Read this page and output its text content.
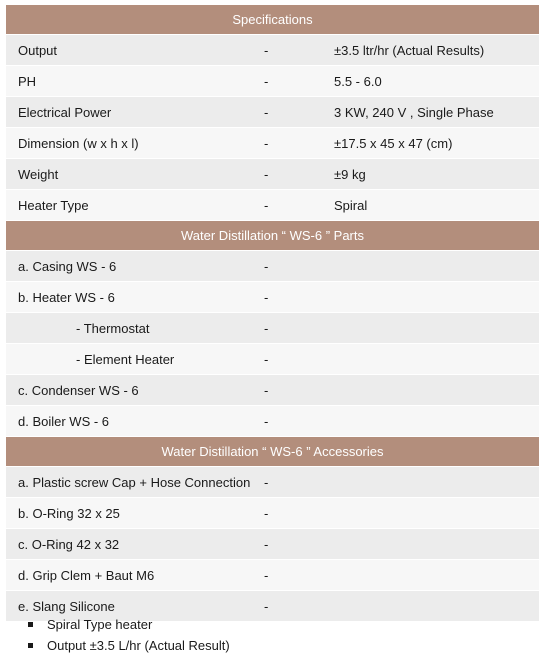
Specifications
Output	-	±3.5 ltr/hr (Actual Results)
PH	-	5.5 - 6.0
Electrical Power	-	3 KW, 240 V , Single Phase
Dimension (w x h x l)	-	±17.5 x 45 x 47 (cm)
Weight	-	±9 kg
Heater Type	-	Spiral
Water Distillation “ WS-6 ” Parts
a. Casing WS - 6	-
b. Heater WS - 6	-
- Thermostat	-
- Element Heater	-
c. Condenser WS - 6	-
d. Boiler WS - 6	-
Water Distillation “ WS-6 ” Accessories
a. Plastic screw Cap + Hose Connection	-
b. O-Ring 32 x 25	-
c. O-Ring 42 x 32	-
d. Grip Clem + Baut M6	-
e. Slang Silicone	-
Spiral Type heater
Output ±3.5 L/hr (Actual Result)
